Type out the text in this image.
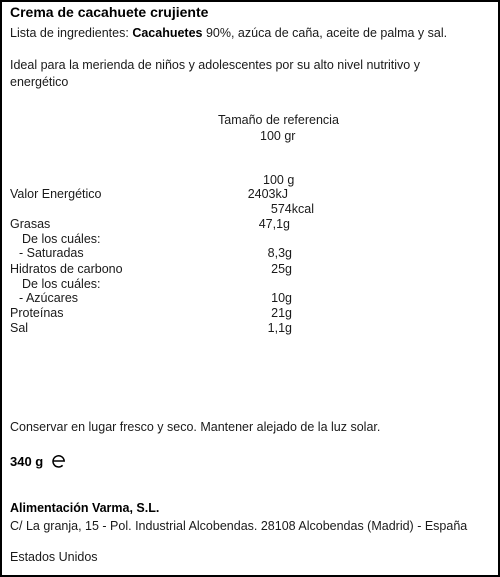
Crema de cacahuete crujiente
Lista de ingredientes: Cacahuetes 90%, azúca de caña, aceite de palma y sal.
Ideal para la merienda de niños y adolescentes por su alto nivel nutritivo y
energético
Tamaño de referencia
100 gr
100 g
Valor Energético	2403kJ
574kcal
Grasas	47,1g
De los cuáles:
- Saturadas	8,3g
Hidratos de carbono	25g
De los cuáles:
- Azúcares	10g
Proteínas	21g
Sal	1,1g
Conservar en lugar fresco y seco. Mantener alejado de la luz solar.
340 g
Alimentación Varma, S.L.
C/ La granja, 15 - Pol. Industrial Alcobendas. 28108 Alcobendas (Madrid) - España
Estados Unidos
